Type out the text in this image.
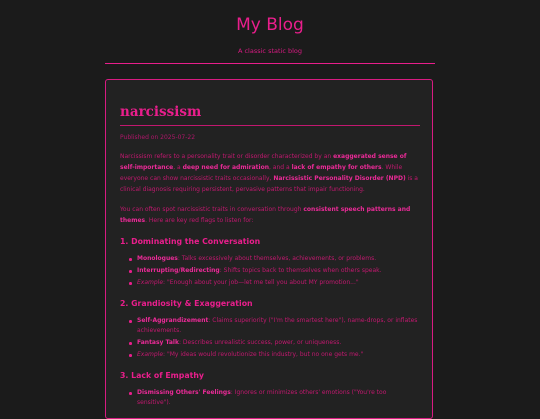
My Blog
A classic static blog
narcissism
Published on 2025-07-22

Narcissism refers to a personality trait or disorder characterized by an exaggerated sense of self-importance, a deep need for admiration, and a lack of empathy for others. While everyone can show narcissistic traits occasionally, Narcissistic Personality Disorder (NPD) is a clinical diagnosis requiring persistent, pervasive patterns that impair functioning.

You can often spot narcissistic traits in conversation through consistent speech patterns and themes. Here are key red flags to listen for:

1. Dominating the Conversation
Monologues: Talks excessively about themselves, achievements, or problems.
Interrupting/Redirecting: Shifts topics back to themselves when others speak.
Example: "Enough about your job—let me tell you about MY promotion..."
2. Grandiosity & Exaggeration
Self-Aggrandizement: Claims superiority ("I'm the smartest here"), name-drops, or inflates achievements.
Fantasy Talk: Describes unrealistic success, power, or uniqueness.
Example: "My ideas would revolutionize this industry, but no one gets me."
3. Lack of Empathy
Dismissing Others' Feelings: Ignores or minimizes others' emotions ("You're too sensitive").
